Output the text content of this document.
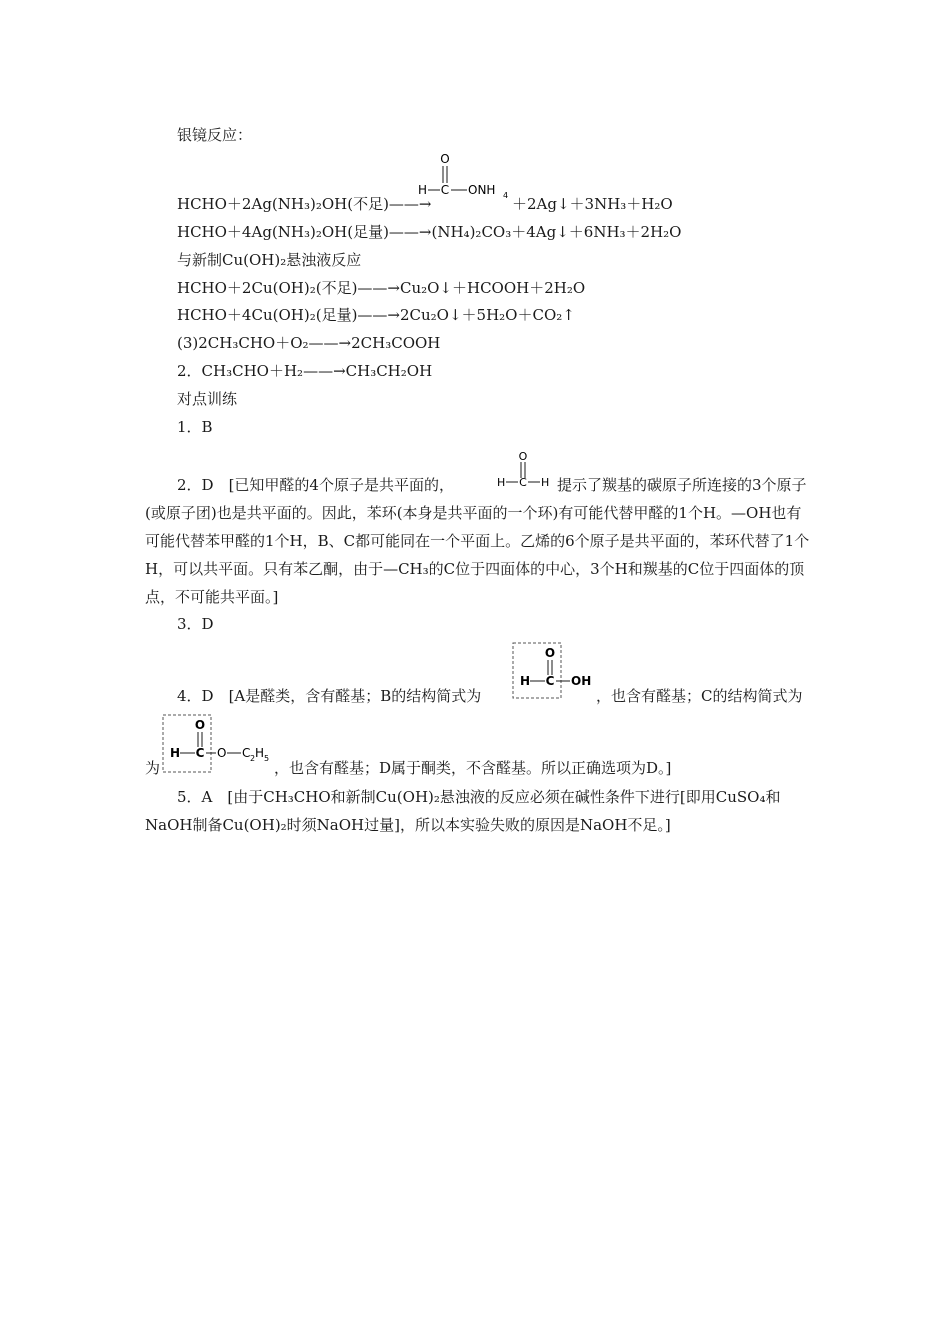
银镜反应：
HCHO＋2Ag(NH₃)₂OH(不足)——→
O
H C ONH 4 ＋2Ag↓＋3NH₃＋H₂O
HCHO＋4Ag(NH₃)₂OH(足量)——→(NH₄)₂CO₃＋4Ag↓＋6NH₃＋2H₂O
与新制Cu(OH)₂悬浊液反应
HCHO＋2Cu(OH)₂(不足)——→Cu₂O↓＋HCOOH＋2H₂O
HCHO＋4Cu(OH)₂(足量)——→2Cu₂O↓＋5H₂O＋CO₂↑
(3)2CH₃CHO＋O₂——→2CH₃COOH
2．CH₃CHO＋H₂——→CH₃CH₂OH
对点训练
1．B
2．D　[已知甲醛的4个原子是共平面的，
O
H C H 提示了羰基的碳原子所连接的3个原子(或原子团)也是共平面的。因此，苯环(本身是共平面的一个环)有可能代替甲醛的1个H。—OH也有可能代替苯甲醛的1个H，B、C都可能同在一个平面上。乙烯的6个原子是共平面的，苯环代替了1个H，可以共平面。只有苯乙酮，由于—CH₃的C位于四面体的中心，3个H和羰基的C位于四面体的顶点，不可能共平面。]
3．D
4．D　[A是醛类，含有醛基；B的结构简式为
O
H C OH
，也含有醛基；C的结构简式为
为
O
H C O C 2 H 5
，也含有醛基；D属于酮类，不含醛基。所以正确选项为D。]
5．A　[由于CH₃CHO和新制Cu(OH)₂悬浊液的反应必须在碱性条件下进行[即用CuSO₄和NaOH制备Cu(OH)₂时须NaOH过量]，所以本实验失败的原因是NaOH不足。]
